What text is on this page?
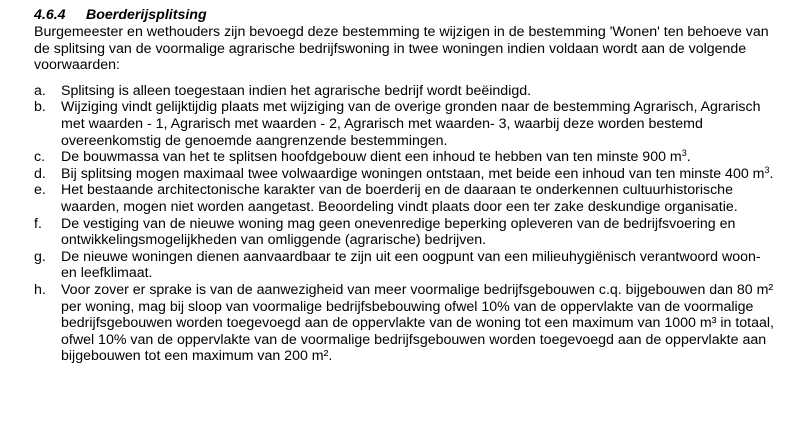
4.6.4 Boerderijsplitsing

Burgemeester en wethouders zijn bevoegd deze bestemming te wijzigen in de bestemming 'Wonen' ten behoeve van de splitsing van de voormalige agrarische bedrijfswoning in twee woningen indien voldaan wordt aan de volgende voorwaarden:

a.	Splitsing is alleen toegestaan indien het agrarische bedrijf wordt beëindigd.
b.	Wijziging vindt gelijktijdig plaats met wijziging van de overige gronden naar de bestemming Agrarisch, Agrarisch met waarden - 1, Agrarisch met waarden - 2, Agrarisch met waarden- 3, waarbij deze worden bestemd overeenkomstig de genoemde aangrenzende bestemmingen.
c.	De bouwmassa van het te splitsen hoofdgebouw dient een inhoud te hebben van ten minste 900 $m^3$.
d.	Bij splitsing mogen maximaal twee volwaardige woningen ontstaan, met beide een inhoud van ten minste 400 $m^3$.
e.	Het bestaande architectonische karakter van de boerderij en de daaraan te onderkennen cultuurhistorische waarden, mogen niet worden aangetast. Beoordeling vindt plaats door een ter zake deskundige organisatie.
f.	De vestiging van de nieuwe woning mag geen onevenredige beperking opleveren van de bedrijfsvoering en ontwikkelingsmogelijkheden van omliggende (agrarische) bedrijven.
g.	De nieuwe woningen dienen aanvaardbaar te zijn uit een oogpunt van een milieuhygiënisch verantwoord woon- en leefklimaat.
h.	Voor zover er sprake is van de aanwezigheid van meer voormalige bedrijfsgebouwen c.q. bijgebouwen dan 80 m² per woning, mag bij sloop van voormalige bedrijfsbebouwing ofwel 10% van de oppervlakte van de voormalige bedrijfsgebouwen worden toegevoegd aan de oppervlakte van de woning tot een maximum van 1000 m³ in totaal, ofwel 10% van de oppervlakte van de voormalige bedrijfsgebouwen worden toegevoegd aan de oppervlakte aan bijgebouwen tot een maximum van 200 m².
